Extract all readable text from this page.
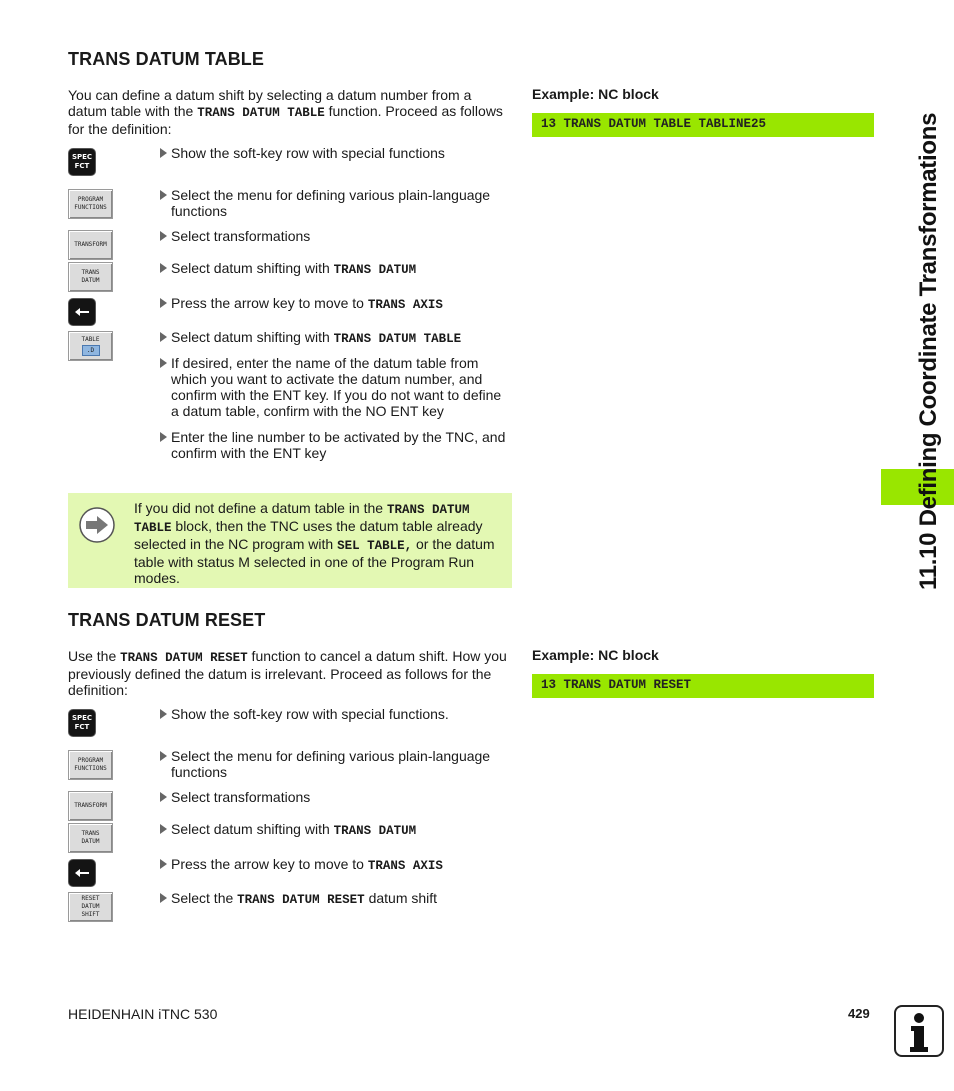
TRANS DATUM TABLE
You can define a datum shift by selecting a datum number from a datum table with the TRANS DATUM TABLE function. Proceed as follows for the definition:
Example: NC block
13 TRANS DATUM TABLE TABLINE25
SPEC
FCT
PROGRAM
FUNCTIONS
TRANSFORM
TRANS
DATUM
TABLE
.D
Show the soft-key row with special functions
Select the menu for defining various plain-language functions
Select transformations
Select datum shifting with TRANS DATUM
Press the arrow key to move to TRANS AXIS
Select datum shifting with TRANS DATUM TABLE
If desired, enter the name of the datum table from which you want to activate the datum number, and confirm with the ENT key. If you do not want to define a datum table, confirm with the NO ENT key
Enter the line number to be activated by the TNC, and confirm with the ENT key
If you did not define a datum table in the TRANS DATUM TABLE block, then the TNC uses the datum table already selected in the NC program with SEL TABLE, or the datum table with status M selected in one of the Program Run modes.
TRANS DATUM RESET
Use the TRANS DATUM RESET function to cancel a datum shift. How you previously defined the datum is irrelevant. Proceed as follows for the definition:
Example: NC block
13 TRANS DATUM RESET
SPEC
FCT
PROGRAM
FUNCTIONS
TRANSFORM
TRANS
DATUM
RESET
DATUM
SHIFT
Show the soft-key row with special functions.
Select the menu for defining various plain-language functions
Select transformations
Select datum shifting with TRANS DATUM
Press the arrow key to move to TRANS AXIS
Select the TRANS DATUM RESET datum shift
11.10 Defining Coordinate Transformations
HEIDENHAIN iTNC 530	429
